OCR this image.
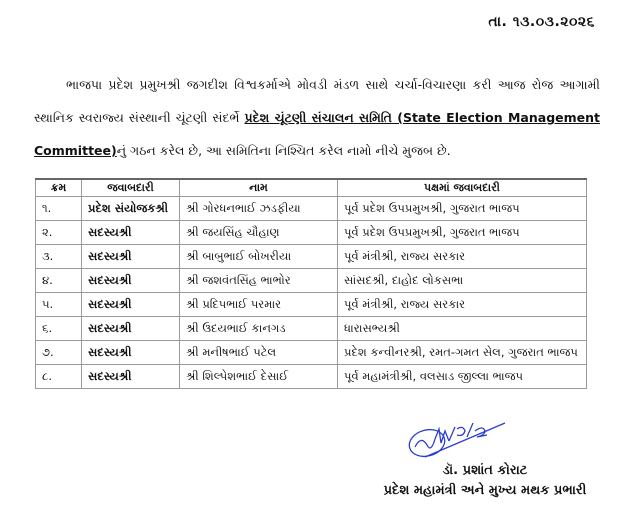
તા. ૧૩.૦૩.૨૦૨૬
ભાજપા પ્રદેશ પ્રમુખશ્રી જગદીશ વિશ્વકર્માએ મોવડી મંડળ સાથે ચર્ચા-વિચારણા કરી આજ રોજ આગામી સ્થાનિક સ્વરાજ્ય સંસ્થાની ચૂંટણી સંદર્ભે પ્રદેશ ચૂંટણી સંચાલન સમિતિ (State Election Management Committee)નું ગઠન કરેલ છે, આ સમિતિના નિશ્ચિત કરેલ નામો નીચે મુજબ છે.
ક્રમ	જવાબદારી	નામ	પક્ષમાં જવાબદારી
૧.	પ્રદેશ સંયોજકશ્રી	શ્રી ગોરધનભાઈ ઝડફીયા	પૂર્વ પ્રદેશ ઉપપ્રમુખશ્રી, ગુજરાત ભાજપ
૨.	સદસ્યશ્રી	શ્રી જયસિંહ ચૌહાણ	પૂર્વ પ્રદેશ ઉપપ્રમુખશ્રી, ગુજરાત ભાજપ
૩.	સદસ્યશ્રી	શ્રી બાબુભાઈ બોખરીયા	પૂર્વ મંત્રીશ્રી, રાજ્ય સરકાર
૪.	સદસ્યશ્રી	શ્રી જશવંતસિંહ ભાભોર	સાંસદશ્રી, દાહોદ લોકસભા
૫.	સદસ્યશ્રી	શ્રી પ્રદિપભાઈ પરમાર	પૂર્વ મંત્રીશ્રી, રાજ્ય સરકાર
૬.	સદસ્યશ્રી	શ્રી ઉદયભાઈ કાનગડ	ધારાસભ્યશ્રી
૭.	સદસ્યશ્રી	શ્રી મનીષભાઈ પટેલ	પ્રદેશ કન્વીનરશ્રી, રમત-ગમત સેલ, ગુજરાત ભાજપ
૮.	સદસ્યશ્રી	શ્રી શિલ્પેશભાઈ દેસાઈ	પૂર્વ મહામંત્રીશ્રી, વલસાડ જીલ્લા ભાજપ
ડૉ. પ્રશાંત કોરાટ
પ્રદેશ મહામંત્રી અને મુખ્ય મથક પ્રભારી
